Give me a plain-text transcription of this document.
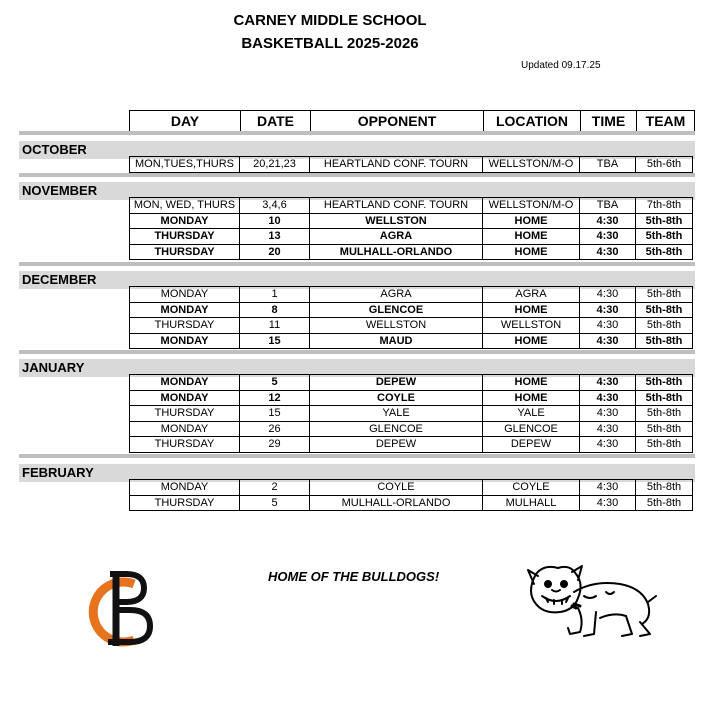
CARNEY MIDDLE SCHOOL
BASKETBALL 2025-2026
Updated 09.17.25
DAY	DATE	OPPONENT	LOCATION	TIME	TEAM
OCTOBER
MON,TUES,THURS	20,21,23	HEARTLAND CONF. TOURN	WELLSTON/M-O	TBA	5th-6th
NOVEMBER
MON, WED, THURS	3,4,6	HEARTLAND CONF. TOURN	WELLSTON/M-O	TBA	7th-8th
MONDAY	10	WELLSTON	HOME	4:30	5th-8th
THURSDAY	13	AGRA	HOME	4:30	5th-8th
THURSDAY	20	MULHALL-ORLANDO	HOME	4:30	5th-8th
DECEMBER
MONDAY	1	AGRA	AGRA	4:30	5th-8th
MONDAY	8	GLENCOE	HOME	4:30	5th-8th
THURSDAY	11	WELLSTON	WELLSTON	4:30	5th-8th
MONDAY	15	MAUD	HOME	4:30	5th-8th
JANUARY
MONDAY	5	DEPEW	HOME	4:30	5th-8th
MONDAY	12	COYLE	HOME	4:30	5th-8th
THURSDAY	15	YALE	YALE	4:30	5th-8th
MONDAY	26	GLENCOE	GLENCOE	4:30	5th-8th
THURSDAY	29	DEPEW	DEPEW	4:30	5th-8th
FEBRUARY
MONDAY	2	COYLE	COYLE	4:30	5th-8th
THURSDAY	5	MULHALL-ORLANDO	MULHALL	4:30	5th-8th
HOME OF THE BULLDOGS!
